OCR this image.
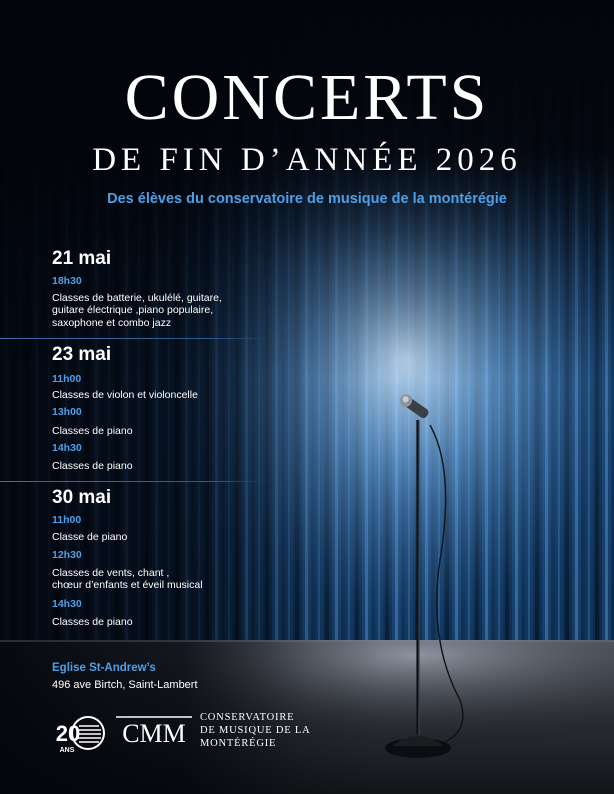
CONCERTS
DE FIN D’ANNÉE 2026
Des élèves du conservatoire de musique de la montérégie
21 mai
18h30
Classes de batterie, ukulélé, guitare,
guitare électrique ,piano populaire,
saxophone et combo jazz
23 mai
11h00
Classes de violon et violoncelle
13h00
Classes de piano
14h30
Classes de piano
30 mai
11h00
Classe de piano
12h30
Classes de vents, chant ,
chœur d’enfants et éveil musical
14h30
Classes de piano
Eglise St-Andrew’s
496 ave Birtch, Saint-Lambert
20
ANS
CMM
CONSERVATOIRE
DE MUSIQUE DE LA
MONTÉRÉGIE
